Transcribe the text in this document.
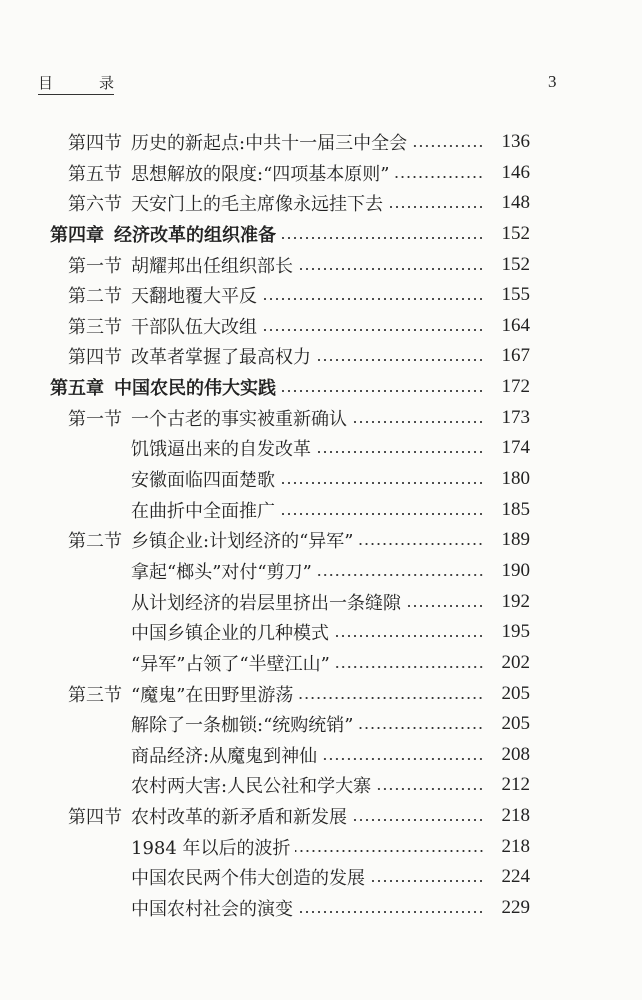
目	录	3
第四节 历史的新起点:中共十一届三中全会	136
第五节 思想解放的限度:“四项基本原则”	146
第六节 天安门上的毛主席像永远挂下去	148
第四章 经济改革的组织准备	152
第一节 胡耀邦出任组织部长	152
第二节 天翻地覆大平反	155
第三节 干部队伍大改组	164
第四节 改革者掌握了最高权力	167
第五章 中国农民的伟大实践	172
第一节 一个古老的事实被重新确认	173
饥饿逼出来的自发改革	174
安徽面临四面楚歌	180
在曲折中全面推广	185
第二节 乡镇企业:计划经济的“异军”	189
拿起“榔头”对付“剪刀”	190
从计划经济的岩层里挤出一条缝隙	192
中国乡镇企业的几种模式	195
“异军”占领了“半壁江山”	202
第三节 “魔鬼”在田野里游荡	205
解除了一条枷锁:“统购统销”	205
商品经济:从魔鬼到神仙	208
农村两大害:人民公社和学大寨	212
第四节 农村改革的新矛盾和新发展	218
1984 年以后的波折	218
中国农民两个伟大创造的发展	224
中国农村社会的演变	229
